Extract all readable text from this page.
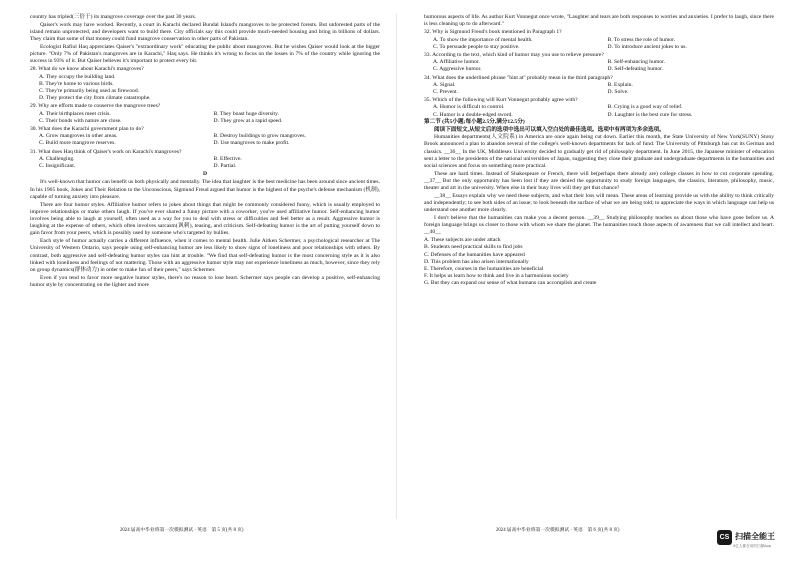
country has tripled(三倍于) its mangrove coverage over the past 30 years.

Qaiser's work may have worked. Recently, a court in Karachi declared Bundal Island's mangroves to be protected forests. But unforested parts of the island remain unprotected, and developers want to build there. City officials say this could provide much-needed housing and bring in billions of dollars. They claim that some of that money could fund mangrove conservation in other parts of Pakistan.

Ecologist Rafiul Haq appreciates Qaiser's "extraordinary work" educating the public about mangroves. But he wishes Qaiser would look at the bigger picture. "Only 7% of Pakistan's mangroves are in Karachi," Haq says. He thinks it's wrong to focus on the losses in 7% of the country while ignoring the success in 93% of it. But Qaiser believes it's important to protect every bit.

28. What do we know about Karachi's mangroves?

A. They occupy the building land.
B. They're home to various birds.
C. They're primarily being used as firewood.
D. They protect the city from climate catastrophe.

29. Why are efforts made to conserve the mangrove trees?

A. Their birthplaces meet crisis.	B. They boast huge diversity.
C. Their bonds with nature are close.	D. They grow at a rapid speed.

30. What does the Karachi government plan to do?

A. Grow mangroves in other areas.	B. Destroy buildings to grow mangroves.
C. Build more mangrove reserves.	D. Use mangroves to make profit.

31. What does Haq think of Qaiser's work on Karachi's mangroves?

A. Challenging.	B. Effective.
C. Insignificant.	D. Partial.
D

It's well-known that humor can benefit us both physically and mentally. The idea that laughter is the best medicine has been around since ancient times. In his 1905 book, Jokes and Their Relation to the Unconscious, Sigmund Freud argued that humor is the highest of the psyche's defense mechanism (机制), capable of turning anxiety into pleasure.

There are four humor styles. Affiliative humor refers to jokes about things that might be commonly considered funny, which is usually employed to improve relationships or make others laugh. If you've ever shared a funny picture with a coworker, you've used affiliative humor. Self-enhancing humor involves being able to laugh at yourself, often used as a way for you to deal with stress or difficulties and feel better as a result. Aggressive humor is laughing at the expense of others, which often involves sarcasm(讽刺), teasing, and criticism. Self-defeating humor is the art of putting yourself down to gain favor from your peers, which is possibly used by someone who's targeted by bullies.

Each style of humor actually carries a different influence, when it comes to mental health. Julie Aitken Schermer, a psychological researcher at The University of Western Ontario, says people using self-enhancing humor are less likely to show signs of loneliness and poor relationships with others. By contrast, both aggressive and self-defeating humor styles can hint at trouble. "We find that self-defeating humor is the most concerning style as it is also linked with loneliness and feelings of not mattering. Those with an aggressive humor style may not experience loneliness as much, however, since they rely on group dynamics(群体动力) in order to make fun of their peers," says Schermer.

Even if you tend to favor more negative humor styles, there's no reason to lose heart. Schermer says people can develop a positive, self-enhancing humor style by concentrating on the lighter and more

humorous aspects of life. As author Kurt Vonnegut once wrote, "Laughter and tears are both responses to worries and anxieties. I prefer to laugh, since there is less cleaning up to do afterward."

32. Why is Sigmund Freud's book mentioned in Paragraph 1?

A. To show the importance of mental health.	B. To stress the role of humor.
C. To persuade people to stay positive.	D. To introduce ancient jokes to us.

33. According to the text, which kind of humor may you use to relieve pressure?

A. Affiliative humor.	B. Self-enhancing humor.
C. Aggressive humor.	D. Self-defeating humor.

34. What does the underlined phrase "hint at" probably mean in the third paragraph?

A. Signal.	B. Explain.
C. Prevent.	D. Solve.

35. Which of the following will Kurt Vonnegut probably agree with?

A. Humor is difficult to control.	B. Crying is a good way of relief.
C. Humor is a double-edged sword.	D. Laughter is the best cure for stress.

第二节 (共5小题;每小题2.5分,满分12.5分)

阅读下面短文,从短文后的选项中选出可以填入空白处的最佳选项。选项中有两项为多余选项。

Humanities departments(人文院系) in America are once again being cut down. Earlier this month, the State University of New York(SUNY) Stony Brook announced a plan to abandon several of the college's well-known departments for lack of fund. The University of Pittsburgh has cut its German and classics. __36__ In the UK, Middlesex University decided to gradually get rid of philosophy department. In June 2015, the Japanese minister of education sent a letter to the presidents of the national universities of Japan, suggesting they close their graduate and undergraduate departments in the humanities and social sciences and focus on something more practical.

These are hard times. Instead of Shakespeare or French, there will be(perhaps there already are) college classes in how to cut corporate spending. __37__ But the only opportunity has been lost if they are denied the opportunity to study foreign languages, the classics, literature, philosophy, music, theater and art in the university. When else in their busy lives will they get that chance?

__38__ Essays explain why we need these subjects, and what their loss will mean. These areas of learning provide us with the ability to think critically and independently; to see both sides of an issue; to look beneath the surface of what we are being told; to appreciate the ways in which language can help us understand one another more clearly.

I don't believe that the humanities can make you a decent person. __39__ Studying philosophy teaches us about those who have gone before us. A foreign language brings us closer to those with whom we share the planet. The humanities touch those aspects of awareness that we call intellect and heart. __40__

A. These subjects are under attack
B. Students need practical skills to find jobs
C. Defenses of the humanities have appeared
D. This problem has also arisen internationally
E. Therefore, courses in the humanities are beneficial
F. It helps us learn how to think and live in a harmonious society
G. But they can expand our sense of what humans can accomplish and create
2024 届高中毕业班第一次模拟测试 · 英语　第 5 页(共 8 页)	2024 届高中毕业班第一次模拟测试 · 英语　第 6 页(共 8 页)
CS 扫描全能王
3亿人都在用的扫描App
